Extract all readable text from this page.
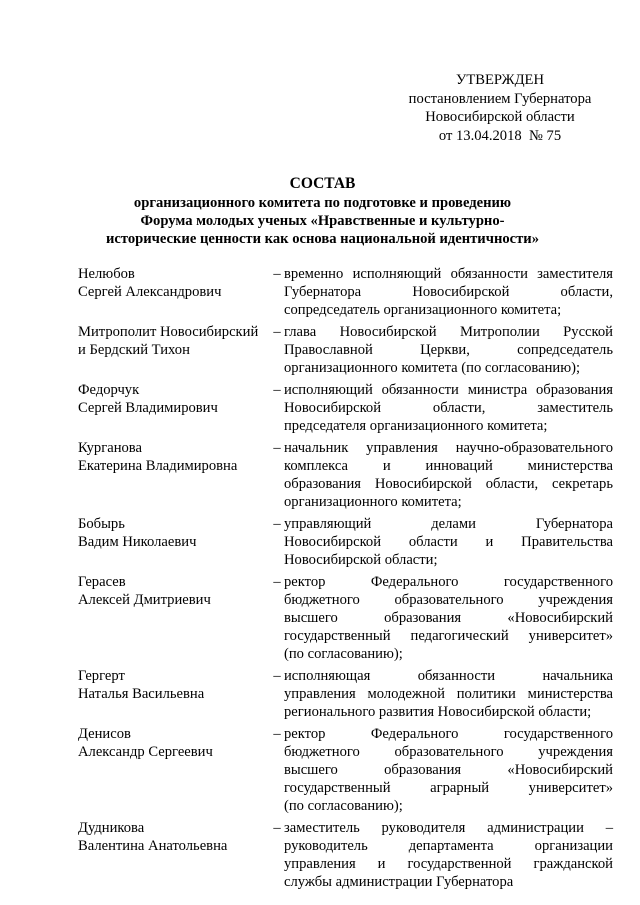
УТВЕРЖДЕН
постановлением Губернатора
Новосибирской области
от 13.04.2018  № 75
СОСТАВ
организационного комитета по подготовке и проведению
Форума молодых ученых «Нравственные и культурно-
исторические ценности как основа национальной идентичности»
Нелюбов
Сергей Александрович
– временно исполняющий обязанности заместителя
Губернатора Новосибирской области,
сопредседатель организационного комитета;
Митрополит Новосибирский
и Бердский Тихон
– глава Новосибирской Митрополии Русской
Православной Церкви, сопредседатель
организационного комитета (по согласованию);
Федорчук
Сергей Владимирович
– исполняющий обязанности министра образования
Новосибирской области, заместитель
председателя организационного комитета;
Курганова
Екатерина Владимировна
– начальник управления научно-образовательного
комплекса и инноваций министерства
образования Новосибирской области, секретарь
организационного комитета;
Бобырь
Вадим Николаевич
– управляющий делами Губернатора
Новосибирской области и Правительства
Новосибирской области;
Герасев
Алексей Дмитриевич
– ректор Федерального государственного
бюджетного образовательного учреждения
высшего образования «Новосибирский
государственный педагогический университет»
(по согласованию);
Гергерт
Наталья Васильевна
– исполняющая обязанности начальника
управления молодежной политики министерства
регионального развития Новосибирской области;
Денисов
Александр Сергеевич
– ректор Федерального государственного
бюджетного образовательного учреждения
высшего образования «Новосибирский
государственный аграрный университет»
(по согласованию);
Дудникова
Валентина Анатольевна
– заместитель руководителя администрации –
руководитель департамента организации
управления и государственной гражданской
службы администрации Губернатора
